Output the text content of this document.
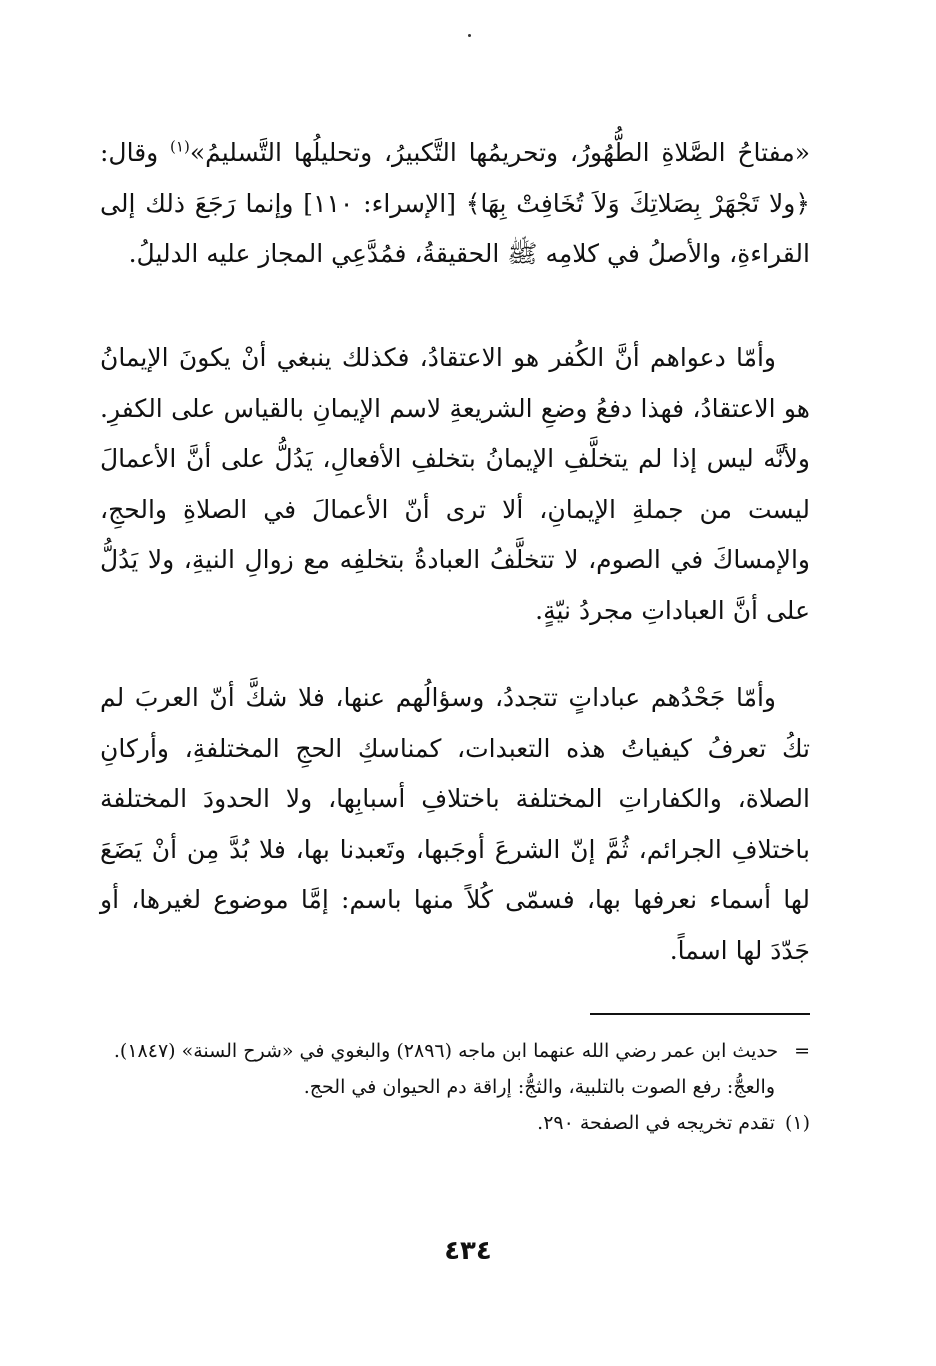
«مفتاحُ الصَّلاةِ الطُّهُورُ، وتحريمُها التَّكبيرُ، وتحليلُها التَّسليمُ»$^{(١)}$ وقال: ﴿ولا تَجْهَرْ بِصَلاتِكَ وَلاَ تُخَافِتْ بِهَا﴾ [الإسراء: ١١٠] وإنما رَجَعَ ذلك إلى القراءةِ، والأصلُ في كلامِه ﷺ الحقيقةُ، فمُدَّعِي المجاز عليه الدليلُ.

وأمّا دعواهم أنَّ الكُفر هو الاعتقادُ، فكذلك ينبغي أنْ يكونَ الإيمانُ هو الاعتقادُ، فهذا دفعُ وضعِ الشريعةِ لاسم الإيمانِ بالقياس على الكفرِ. ولأنَّه ليس إذا لم يتخلَّفِ الإيمانُ بتخلفِ الأفعالِ، يَدُلُّ على أنَّ الأعمالَ ليست من جملةِ الإيمانِ، ألا ترى أنّ الأعمالَ في الصلاةِ والحجِ، والإمساكَ في الصوم، لا تتخلَّفُ العبادةُ بتخلفِه مع زوالِ النيةِ، ولا يَدُلُّ على أنَّ العباداتِ مجردُ نيّةٍ.

وأمّا جَحْدُهم عباداتٍ تتجددُ، وسؤالُهم عنها، فلا شكَّ أنّ العربَ لم تكُ تعرفُ كيفياتُ هذه التعبدات، كمناسكِ الحجِ المختلفةِ، وأركانِ الصلاة، والكفاراتِ المختلفة باختلافِ أسبابِها، ولا الحدودَ المختلفة باختلافِ الجرائم، ثُمَّ إنّ الشرعَ أوجَبها، وتَعبدنا بها، فلا بُدَّ مِن أنْ يَضَعَ لها أسماء نعرفها بها، فسمّى كُلاً منها باسم: إمَّا موضوع لغيرها، أو جَدّدَ لها اسماً.

=
حديث ابن عمر رضي الله عنهما ابن ماجه (٢٨٩٦) والبغوي في «شرح السنة» (١٨٤٧).
والعجُّ: رفع الصوت بالتلبية، والثجُّ: إراقة دم الحيوان في الحج.
(١)
تقدم تخريجه في الصفحة ٢٩٠.
٤٣٤
